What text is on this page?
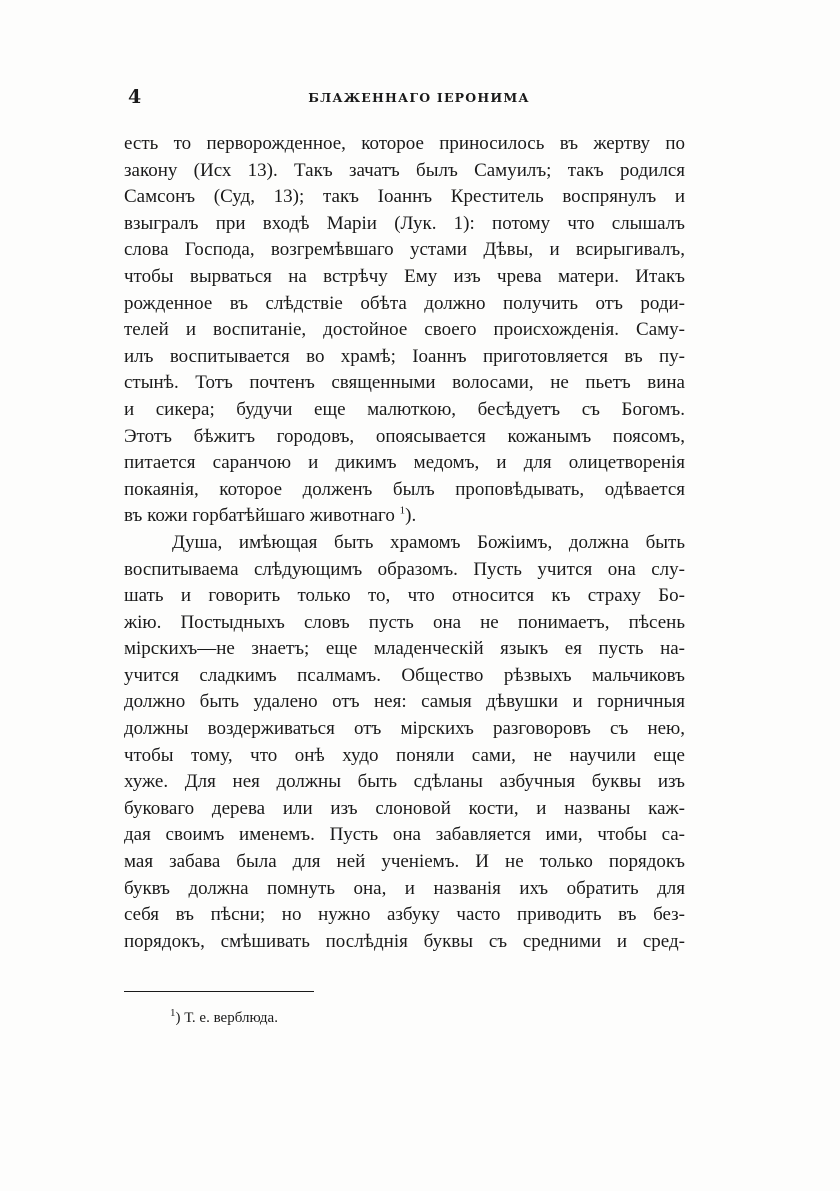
4	БЛАЖЕННАГО ІЕРОНИМА
есть то перворожденное, которое приносилось въ жертву по
закону (Исх 13). Такъ зачатъ былъ Самуилъ; такъ родился
Самсонъ (Суд, 13); такъ Іоаннъ Креститель воспрянулъ и
взыгралъ при входѣ Маріи (Лук. 1): потому что слышалъ
слова Господа, возгремѣвшаго устами Дѣвы, и всирыгивалъ,
чтобы вырваться на встрѣчу Ему изъ чрева матери. Итакъ
рожденное въ слѣдствіе обѣта должно получить отъ роди-
телей и воспитаніе, достойное своего происхожденія. Саму-
илъ воспитывается во храмѣ; Іоаннъ приготовляется въ пу-
стынѣ. Тотъ почтенъ священными волосами, не пьетъ вина
и сикера; будучи еще малюткою, бесѣдуетъ съ Богомъ.
Этотъ бѣжитъ городовъ, опоясывается кожанымъ поясомъ,
питается саранчою и дикимъ медомъ, и для олицетворенія
покаянія, которое долженъ былъ проповѣдывать, одѣвается
въ кожи горбатѣйшаго животнаго $^1$).
Душа, имѣющая быть храмомъ Божіимъ, должна быть
воспитываема слѣдующимъ образомъ. Пусть учится она слу-
шать и говорить только то, что относится къ страху Бо-
жію. Постыдныхъ словъ пусть она не понимаетъ, пѣсень
мірскихъ—не знаетъ; еще младенческій языкъ ея пусть на-
учится сладкимъ псалмамъ. Общество рѣзвыхъ мальчиковъ
должно быть удалено отъ нея: самыя дѣвушки и горничныя
должны воздерживаться отъ мірскихъ разговоровъ съ нею,
чтобы тому, что онѣ худо поняли сами, не научили еще
хуже. Для нея должны быть сдѣланы азбучныя буквы изъ
буковаго дерева или изъ слоновой кости, и названы каж-
дая своимъ именемъ. Пусть она забавляется ими, чтобы са-
мая забава была для ней ученіемъ. И не только порядокъ
буквъ должна помнуть она, и названія ихъ обратить для
себя въ пѣсни; но нужно азбуку часто приводить въ без-
порядокъ, смѣшивать послѣднія буквы съ средними и сред-
$^1$) Т. е. верблюда.
